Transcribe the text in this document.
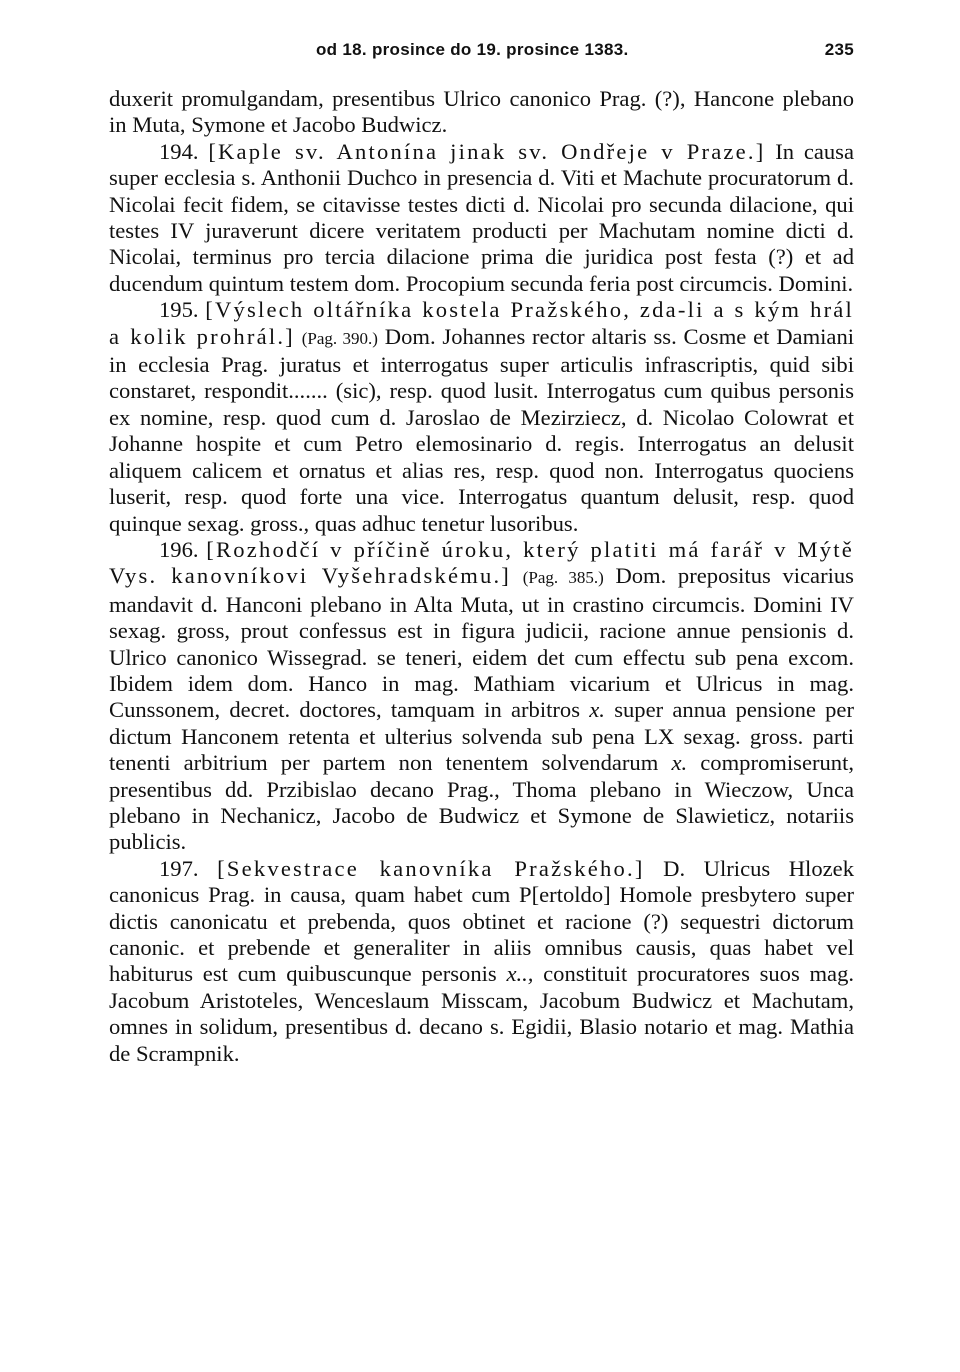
od 18. prosince do 19. prosince 1383.	235

duxerit promulgandam, presentibus Ulrico canonico Prag. (?), Hancone plebano in Muta, Symone et Jacobo Budwicz.

194. [Kaple sv. Antonína jinak sv. Ondřeje v Praze.] In causa super ecclesia s. Anthonii Duchco in presencia d. Viti et Machute procuratorum d. Nicolai fecit fidem, se citavisse testes dicti d. Nicolai pro secunda dilacione, qui testes IV juraverunt dicere veritatem producti per Machutam nomine dicti d. Nicolai, terminus pro tercia dilacione prima die juridica post festa (?) et ad ducendum quintum testem dom. Procopium secunda feria post circumcis. Domini.

195. [Výslech oltářníka kostela Pražského, zda-li a s kým hrál a kolik prohrál.] (Pag. 390.) Dom. Johannes rector altaris ss. Cosme et Damiani in ecclesia Prag. juratus et interrogatus super articulis infrascriptis, quid sibi constaret, respondit....... (sic), resp. quod lusit. Interrogatus cum quibus personis ex nomine, resp. quod cum d. Jaroslao de Mezirziecz, d. Nicolao Colowrat et Johanne hospite et cum Petro elemosinario d. regis. Interrogatus an delusit aliquem calicem et ornatus et alias res, resp. quod non. Interrogatus quociens luserit, resp. quod forte una vice. Interrogatus quantum delusit, resp. quod quinque sexag. gross., quas adhuc tenetur lusoribus.

196. [Rozhodčí v příčině úroku, který platiti má farář v Mýtě Vys. kanovníkovi Vyšehradskému.] (Pag. 385.) Dom. prepositus vicarius mandavit d. Hanconi plebano in Alta Muta, ut in crastino circumcis. Domini IV sexag. gross, prout confessus est in figura judicii, racione annue pensionis d. Ulrico canonico Wissegrad. se teneri, eidem det cum effectu sub pena excom. Ibidem idem dom. Hanco in mag. Mathiam vicarium et Ulricus in mag. Cunssonem, decret. doctores, tamquam in arbitros x. super annua pensione per dictum Hanconem retenta et ulterius solvenda sub pena LX sexag. gross. parti tenenti arbitrium per partem non tenentem solvendarum x. compromiserunt, presentibus dd. Przibislao decano Prag., Thoma plebano in Wieczow, Unca plebano in Nechanicz, Jacobo de Budwicz et Symone de Slawieticz, notariis publicis.

197. [Sekvestrace kanovníka Pražského.] D. Ulricus Hlozek canonicus Prag. in causa, quam habet cum P[ertoldo] Homole presbytero super dictis canonicatu et prebenda, quos obtinet et racione (?) sequestri dictorum canonic. et prebende et generaliter in aliis omnibus causis, quas habet vel habiturus est cum quibuscunque personis x.., constituit procuratores suos mag. Jacobum Aristoteles, Wenceslaum Misscam, Jacobum Budwicz et Machutam, omnes in solidum, presentibus d. decano s. Egidii, Blasio notario et mag. Mathia de Scrampnik.
